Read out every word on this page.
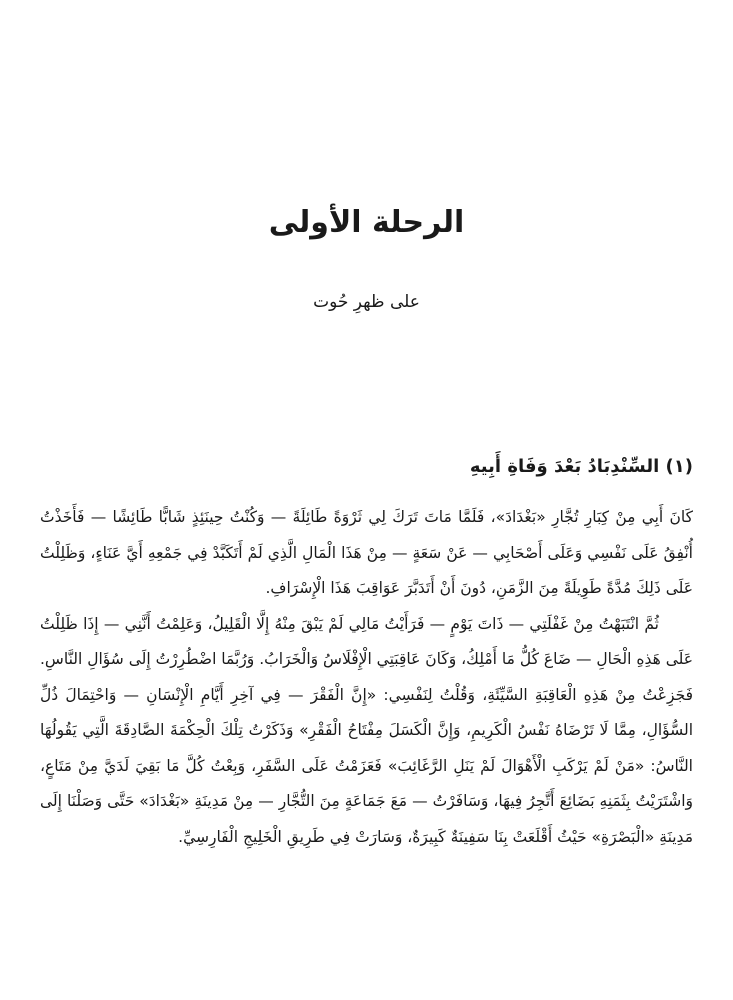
الرحلة الأولى

على ظهرِ حُوت

(١) السِّنْدِبَادُ بَعْدَ وَفَاةِ أَبِيهِ

كَانَ أَبِي مِنْ كِبَارِ تُجَّارِ «بَغْدَادَ»، فَلَمَّا مَاتَ تَرَكَ لِي ثَرْوَةً طَائِلَةً — وَكُنْتُ حِينَئِذٍ شَابًّا طَائِشًا — فَأَخَذْتُ أُنْفِقُ عَلَى نَفْسِي وَعَلَى أَصْحَابِي — عَنْ سَعَةٍ — مِنْ هَذَا الْمَالِ الَّذِي لَمْ أَتَكَبَّدْ فِي جَمْعِهِ أَيَّ عَنَاءٍ، وَظَلِلْتُ عَلَى ذَلِكَ مُدَّةً طَوِيلَةً مِنَ الزَّمَنِ، دُونَ أَنْ أَتَدَبَّرَ عَوَاقِبَ هَذَا الْإِسْرَافِ.

ثُمَّ انْتَبَهْتُ مِنْ غَفْلَتِي — ذَاتَ يَوْمٍ — فَرَأَيْتُ مَالِي لَمْ يَبْقَ مِنْهُ إِلَّا الْقَلِيلُ، وَعَلِمْتُ أَنَّنِي — إِذَا ظَلِلْتُ عَلَى هَذِهِ الْحَالِ — ضَاعَ كُلُّ مَا أَمْلِكُ، وَكَانَ عَاقِبَتِي الْإِفْلَاسُ وَالْخَرَابُ. وَرُبَّمَا اضْطُرِرْتُ إِلَى سُؤَالِ النَّاسِ. فَجَزِعْتُ مِنْ هَذِهِ الْعَاقِبَةِ السَّيِّئَةِ، وَقُلْتُ لِنَفْسِي: «إِنَّ الْفَقْرَ — فِي آخِرِ أَيَّامِ الْإِنْسَانِ — وَاحْتِمَالَ ذُلِّ السُّؤَالِ، مِمَّا لَا تَرْضَاهُ نَفْسُ الْكَرِيمِ، وَإِنَّ الْكَسَلَ مِفْتَاحُ الْفَقْرِ» وَذَكَرْتُ تِلْكَ الْحِكْمَةَ الصَّادِقَةَ الَّتِي يَقُولُهَا النَّاسُ: «مَنْ لَمْ يَرْكَبِ الْأَهْوَالَ لَمْ يَنَلِ الرَّغَائِبَ» فَعَزَمْتُ عَلَى السَّفَرِ، وَبِعْتُ كُلَّ مَا بَقِيَ لَدَيَّ مِنْ مَتَاعٍ، وَاشْتَرَيْتُ بِثَمَنِهِ بَضَائِعَ أَتَّجِرُ فِيهَا، وَسَافَرْتُ — مَعَ جَمَاعَةٍ مِنَ التُّجَّارِ — مِنْ مَدِينَةِ «بَغْدَادَ» حَتَّى وَصَلْنَا إِلَى مَدِينَةِ «الْبَصْرَةِ» حَيْثُ أَقْلَعَتْ بِنَا سَفِينَةٌ كَبِيرَةٌ، وَسَارَتْ فِي طَرِيقِ الْخَلِيجِ الْفَارِسِيِّ.
